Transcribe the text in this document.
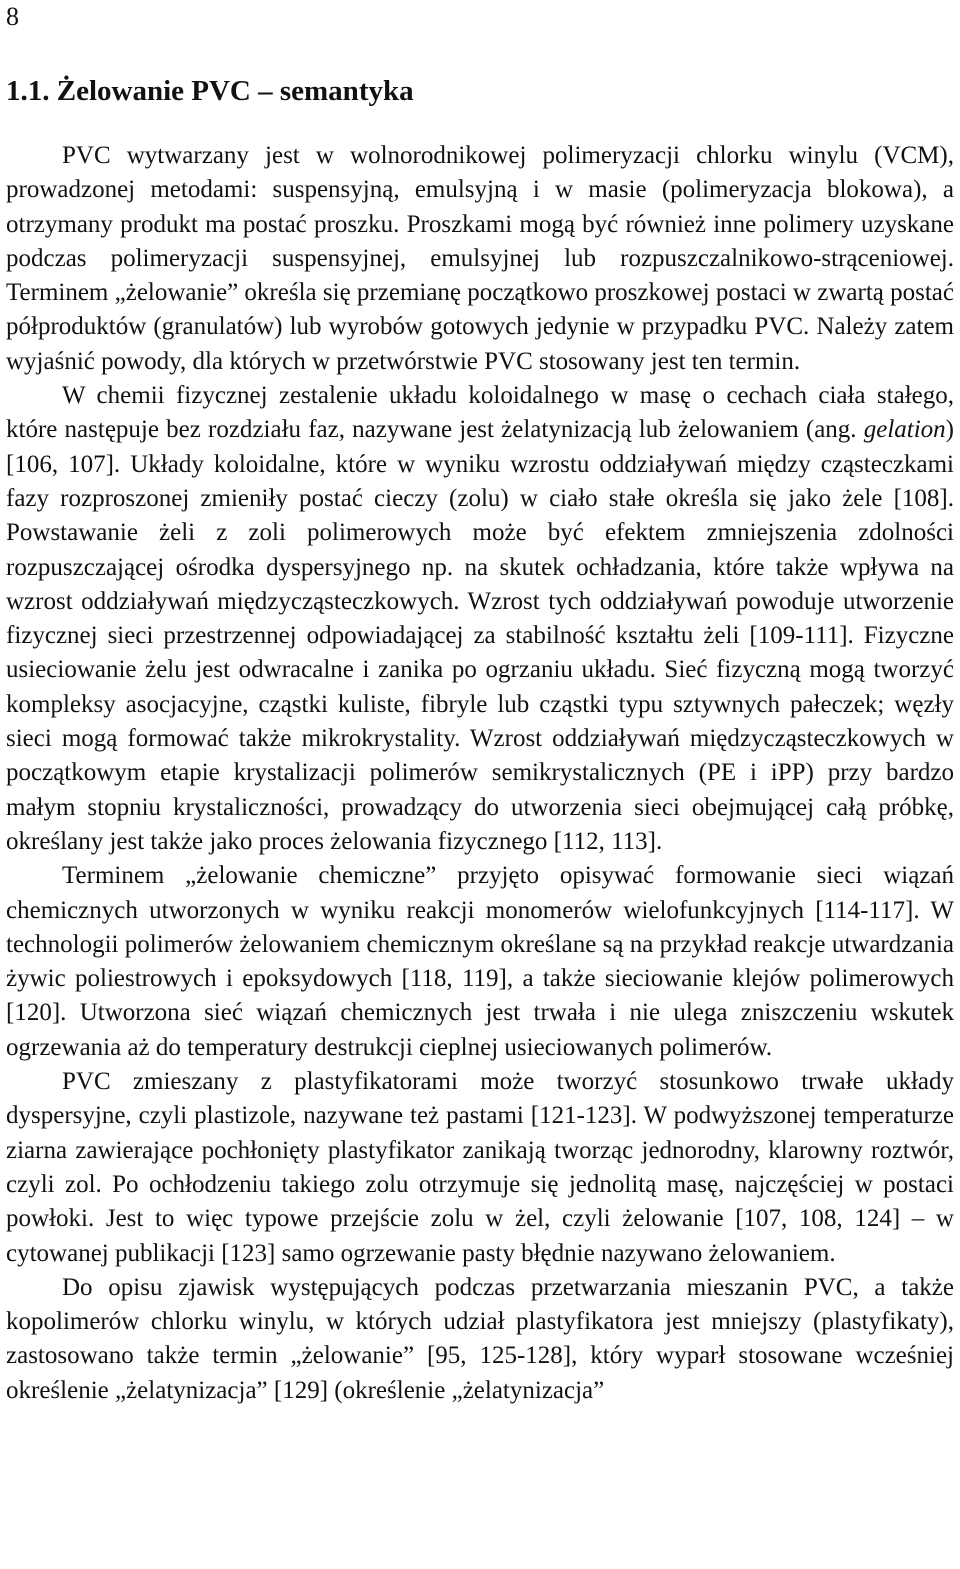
8
1.1. Żelowanie PVC – semantyka

PVC wytwarzany jest w wolnorodnikowej polimeryzacji chlorku winylu (VCM), prowadzonej metodami: suspensyjną, emulsyjną i w masie (polimeryzacja blokowa), a otrzymany produkt ma postać proszku. Proszkami mogą być również inne polimery uzyskane podczas polimeryzacji suspensyjnej, emulsyjnej lub rozpuszczalnikowo-strąceniowej. Terminem „żelowanie” określa się przemianę początkowo proszkowej postaci w zwartą postać półproduktów (granulatów) lub wyrobów gotowych jedynie w przypadku PVC. Należy zatem wyjaśnić powody, dla których w przetwórstwie PVC stosowany jest ten termin.

W chemii fizycznej zestalenie układu koloidalnego w masę o cechach ciała stałego, które następuje bez rozdziału faz, nazywane jest żelatynizacją lub żelowaniem (ang. gelation) [106, 107]. Układy koloidalne, które w wyniku wzrostu oddziaływań między cząsteczkami fazy rozproszonej zmieniły postać cieczy (zolu) w ciało stałe określa się jako żele [108]. Powstawanie żeli z zoli polimerowych może być efektem zmniejszenia zdolności rozpuszczającej ośrodka dyspersyjnego np. na skutek ochładzania, które także wpływa na wzrost oddziaływań międzycząsteczkowych. Wzrost tych oddziaływań powoduje utworzenie fizycznej sieci przestrzennej odpowiadającej za stabilność kształtu żeli [109-111]. Fizyczne usieciowanie żelu jest odwracalne i zanika po ogrzaniu układu. Sieć fizyczną mogą tworzyć kompleksy asocjacyjne, cząstki kuliste, fibryle lub cząstki typu sztywnych pałeczek; węzły sieci mogą formować także mikrokrystality. Wzrost oddziaływań międzycząsteczkowych w początkowym etapie krystalizacji polimerów semikrystalicznych (PE i iPP) przy bardzo małym stopniu krystaliczności, prowadzący do utworzenia sieci obejmującej całą próbkę, określany jest także jako proces żelowania fizycznego [112, 113].

Terminem „żelowanie chemiczne” przyjęto opisywać formowanie sieci wiązań chemicznych utworzonych w wyniku reakcji monomerów wielofunkcyjnych [114-117]. W technologii polimerów żelowaniem chemicznym określane są na przykład reakcje utwardzania żywic poliestrowych i epoksydowych [118, 119], a także sieciowanie klejów polimerowych [120]. Utworzona sieć wiązań chemicznych jest trwała i nie ulega zniszczeniu wskutek ogrzewania aż do temperatury destrukcji cieplnej usieciowanych polimerów.

PVC zmieszany z plastyfikatorami może tworzyć stosunkowo trwałe układy dyspersyjne, czyli plastizole, nazywane też pastami [121-123]. W podwyższonej temperaturze ziarna zawierające pochłonięty plastyfikator zanikają tworząc jednorodny, klarowny roztwór, czyli zol. Po ochłodzeniu takiego zolu otrzymuje się jednolitą masę, najczęściej w postaci powłoki. Jest to więc typowe przejście zolu w żel, czyli żelowanie [107, 108, 124] – w cytowanej publikacji [123] samo ogrzewanie pasty błędnie nazywano żelowaniem.

Do opisu zjawisk występujących podczas przetwarzania mieszanin PVC, a także kopolimerów chlorku winylu, w których udział plastyfikatora jest mniejszy (plastyfikaty), zastosowano także termin „żelowanie” [95, 125-128], który wyparł stosowane wcześniej określenie „żelatynizacja” [129] (określenie „żelatynizacja”
